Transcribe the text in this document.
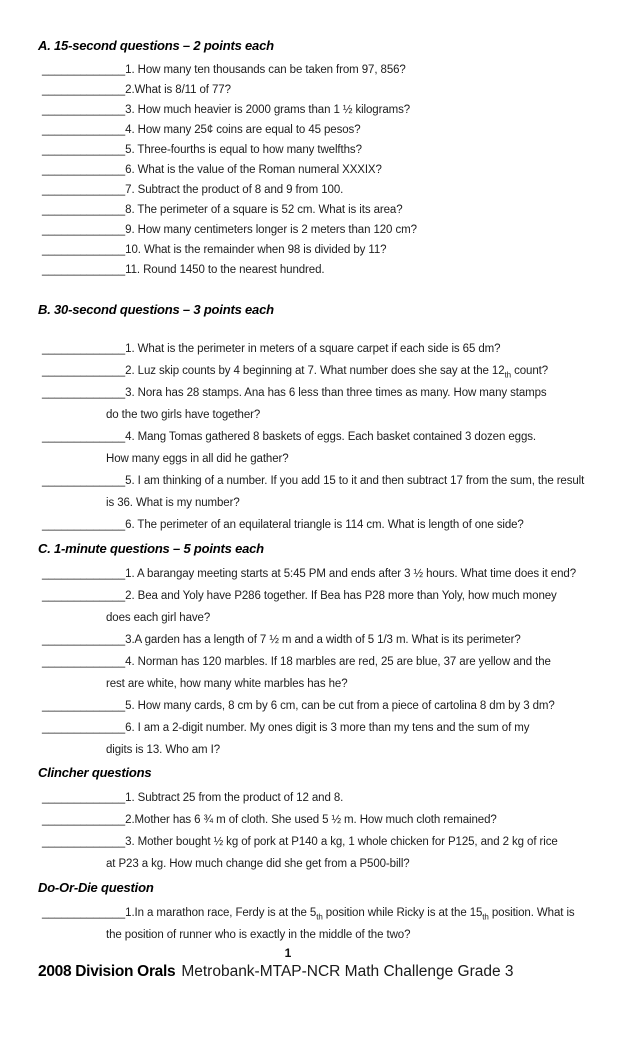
A. 15-second questions – 2 points each
_____________1. How many ten thousands can be taken from 97, 856?
_____________2.What is 8/11 of 77?
_____________3. How much heavier is 2000 grams than 1 ½ kilograms?
_____________4. How many 25¢ coins are equal to 45 pesos?
_____________5. Three-fourths is equal to how many twelfths?
_____________6. What is the value of the Roman numeral XXXIX?
_____________7. Subtract the product of 8 and 9 from 100.
_____________8. The perimeter of a square is 52 cm. What is its area?
_____________9. How many centimeters longer is 2 meters than 120 cm?
_____________10. What is the remainder when 98 is divided by 11?
_____________11. Round 1450 to the nearest hundred.
B. 30-second questions – 3 points each
_____________1. What is the perimeter in meters of a square carpet if each side is 65 dm?
_____________2. Luz skip counts by 4 beginning at 7. What number does she say at the $12_{th}$ count?
_____________3. Nora has 28 stamps. Ana has 6 less than three times as many. How many stamps
do the two girls have together?
_____________4. Mang Tomas gathered 8 baskets of eggs. Each basket contained 3 dozen eggs.
How many eggs in all did he gather?
_____________5. I am thinking of a number. If you add 15 to it and then subtract 17 from the sum, the result
is 36. What is my number?
_____________6. The perimeter of an equilateral triangle is 114 cm. What is length of one side?
C. 1-minute questions – 5 points each
_____________1. A barangay meeting starts at 5:45 PM and ends after 3 ½ hours. What time does it end?
_____________2. Bea and Yoly have P286 together. If Bea has P28 more than Yoly, how much money
does each girl have?
_____________3.A garden has a length of 7 ½ m and a width of 5 1/3 m. What is its perimeter?
_____________4. Norman has 120 marbles. If 18 marbles are red, 25 are blue, 37 are yellow and the
rest are white, how many white marbles has he?
_____________5. How many cards, 8 cm by 6 cm, can be cut from a piece of cartolina 8 dm by 3 dm?
_____________6. I am a 2-digit number. My ones digit is 3 more than my tens and the sum of my
digits is 13. Who am I?
Clincher questions
_____________1. Subtract 25 from the product of 12 and 8.
_____________2.Mother has 6 ¾ m of cloth. She used 5 ½ m. How much cloth remained?
_____________3. Mother bought ½ kg of pork at P140 a kg, 1 whole chicken for P125, and 2 kg of rice
at P23 a kg. How much change did she get from a P500-bill?
Do-Or-Die question
_____________1.In a marathon race, Ferdy is at the $5_{th}$ position while Ricky is at the $15_{th}$ position. What is
the position of runner who is exactly in the middle of the two?
1
2008 Division Orals Metrobank-MTAP-NCR Math Challenge Grade 3
